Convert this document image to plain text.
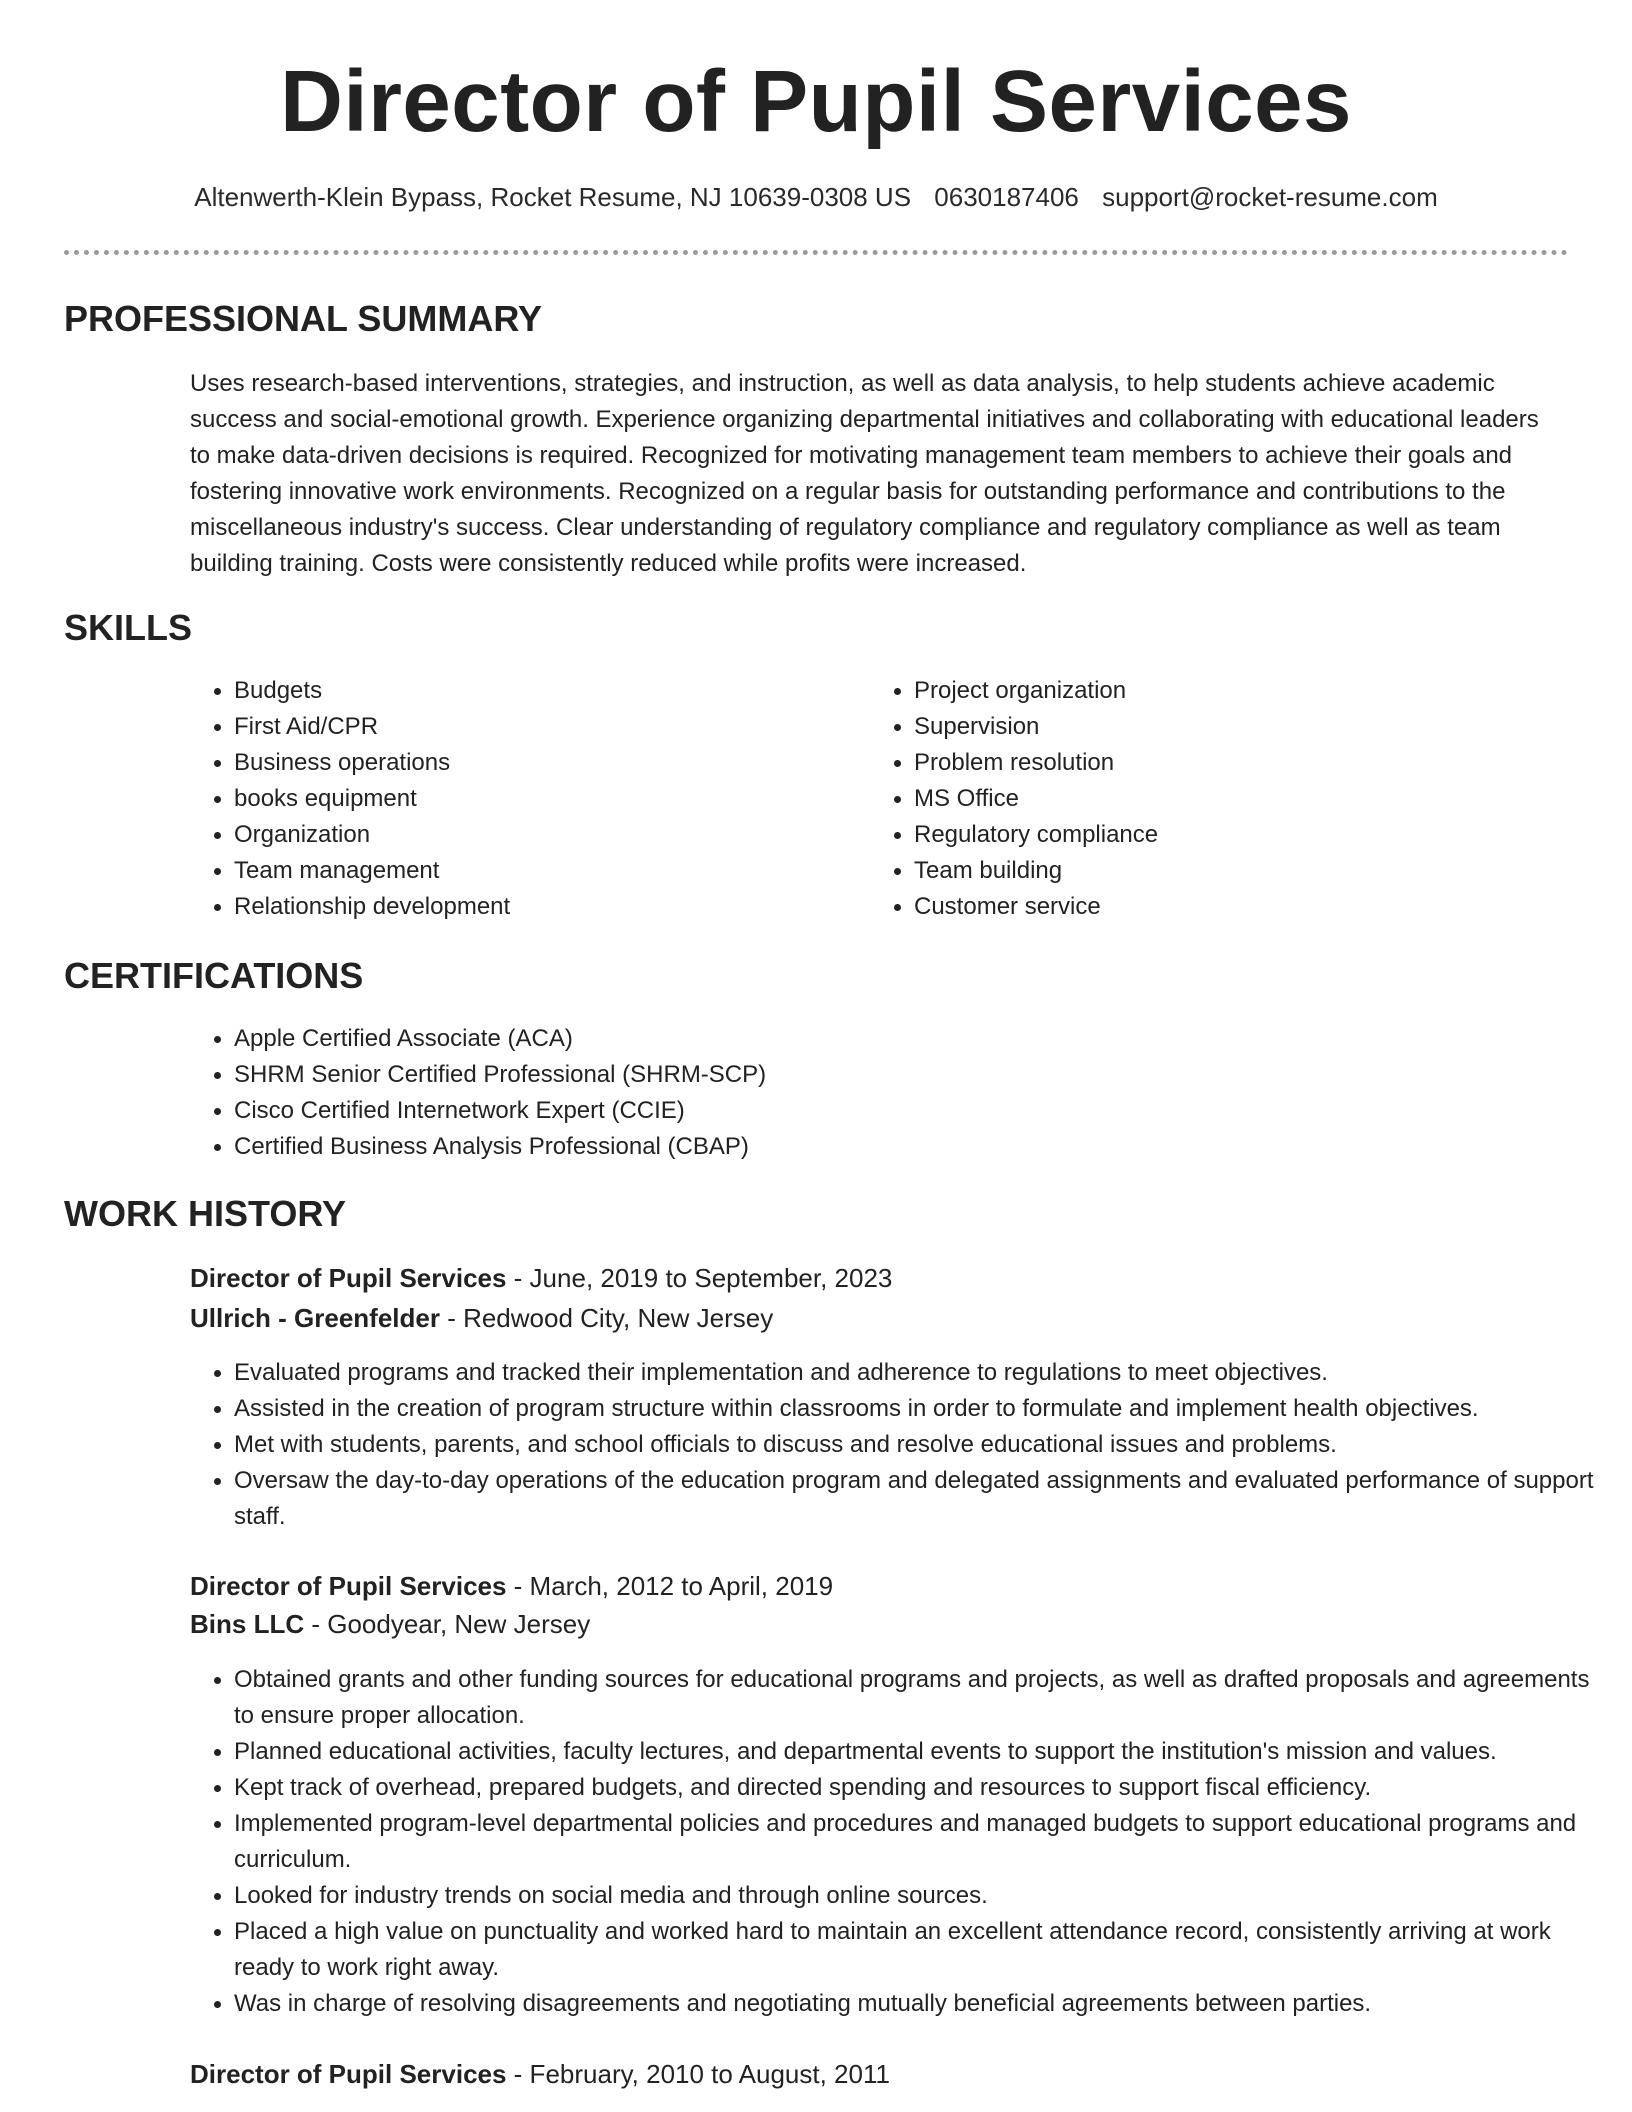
Director of Pupil Services
Altenwerth-Klein Bypass, Rocket Resume, NJ 10639-0308 US 0630187406 support@rocket-resume.com
PROFESSIONAL SUMMARY

Uses research-based interventions, strategies, and instruction, as well as data analysis, to help students achieve academic success and social-emotional growth. Experience organizing departmental initiatives and collaborating with educational leaders to make data-driven decisions is required. Recognized for motivating management team members to achieve their goals and fostering innovative work environments. Recognized on a regular basis for outstanding performance and contributions to the miscellaneous industry's success. Clear understanding of regulatory compliance and regulatory compliance as well as team building training. Costs were consistently reduced while profits were increased.

SKILLS
• Budgets
• First Aid/CPR
• Business operations
• books equipment
• Organization
• Team management
• Relationship development
• Project organization
• Supervision
• Problem resolution
• MS Office
• Regulatory compliance
• Team building
• Customer service
CERTIFICATIONS
• Apple Certified Associate (ACA)
• SHRM Senior Certified Professional (SHRM-SCP)
• Cisco Certified Internetwork Expert (CCIE)
• Certified Business Analysis Professional (CBAP)
WORK HISTORY
Director of Pupil Services - June, 2019 to September, 2023
Ullrich - Greenfelder - Redwood City, New Jersey
• Evaluated programs and tracked their implementation and adherence to regulations to meet objectives.
• Assisted in the creation of program structure within classrooms in order to formulate and implement health objectives.
• Met with students, parents, and school officials to discuss and resolve educational issues and problems.
• Oversaw the day-to-day operations of the education program and delegated assignments and evaluated performance of support staff.
Director of Pupil Services - March, 2012 to April, 2019
Bins LLC - Goodyear, New Jersey
• Obtained grants and other funding sources for educational programs and projects, as well as drafted proposals and agreements to ensure proper allocation.
• Planned educational activities, faculty lectures, and departmental events to support the institution's mission and values.
• Kept track of overhead, prepared budgets, and directed spending and resources to support fiscal efficiency.
• Implemented program-level departmental policies and procedures and managed budgets to support educational programs and curriculum.
• Looked for industry trends on social media and through online sources.
• Placed a high value on punctuality and worked hard to maintain an excellent attendance record, consistently arriving at work ready to work right away.
• Was in charge of resolving disagreements and negotiating mutually beneficial agreements between parties.
Director of Pupil Services - February, 2010 to August, 2011
